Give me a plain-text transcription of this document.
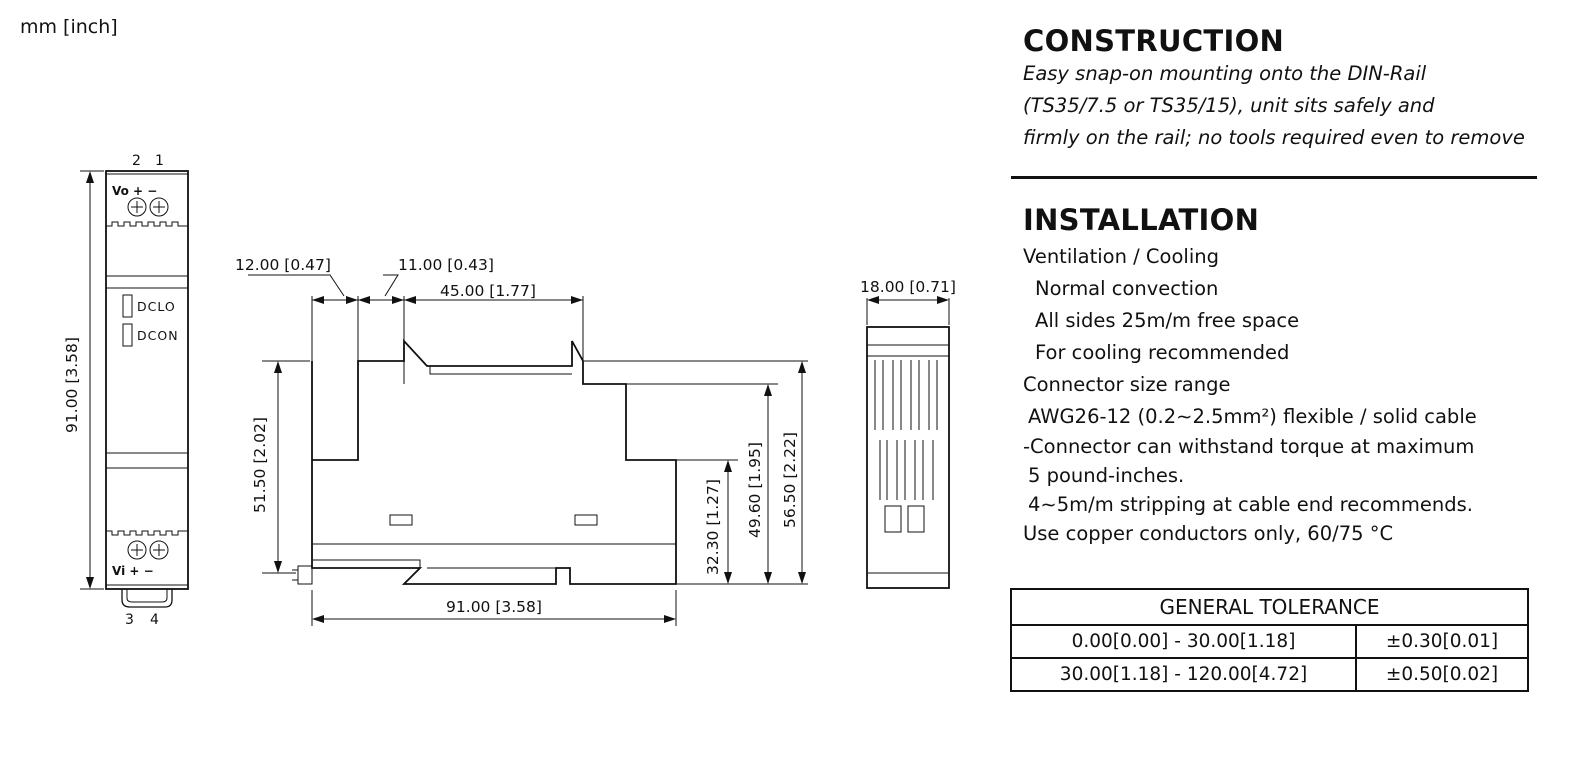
mm [inch]
2 1
Vo + −
DCLO
DCON
Vi + −
3 4
91.00 [3.58]
12.00 [0.47]	11.00 [0.43]
45.00 [1.77]
51.50 [2.02]
32.30 [1.27] 49.60 [1.95] 56.50 [2.22]
91.00 [3.58]
18.00 [0.71]
CONSTRUCTION
Easy snap-on mounting onto the DIN-Rail
(TS35/7.5 or TS35/15), unit sits safely and
firmly on the rail; no tools required even to remove
INSTALLATION
Ventilation / Cooling
Normal convection
All sides 25m/m free space
For cooling recommended
Connector size range
AWG26-12 (0.2∼2.5mm²) flexible / solid cable
-Connector can withstand torque at maximum
5 pound-inches.
4∼5m/m stripping at cable end recommends.
Use copper conductors only, 60/75 °C
GENERAL TOLERANCE	
0.00[0.00] - 30.00[1.18]	±0.30[0.01]
30.00[1.18] - 120.00[4.72]	±0.50[0.02]
